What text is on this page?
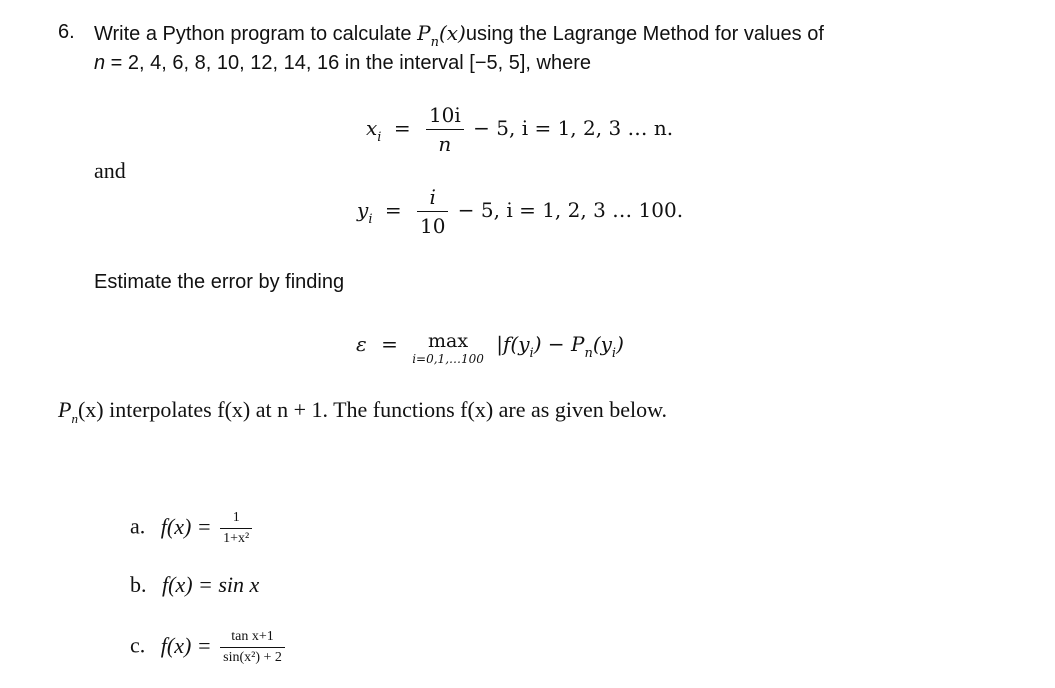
6. Write a Python program to calculate $P_n(x)using$ the Lagrange Method for values of
n = 2, 4, 6, 8, 10, 12, 14, 16 in the interval [−5, 5], where
$x_i = \frac{10i}{n} - 5$, i = 1, 2, 3 … n.
and
$y_i = \frac{i}{10} - 5$, i = 1, 2, 3 … 100.
Estimate the error by finding
ε =	max
i=0,1,…100
$|f(y_i) - P_n(y_i)$
$P_n(x)$ interpolates f(x) at n + 1. The functions f(x) are as given below.
a. $f(x) = \frac{1}{\text{1+x²}}$
b. f(x) = sin x
c. $f(x) = \frac{\text{tan x+1}}{\text{sin(x²) + 2}}$
